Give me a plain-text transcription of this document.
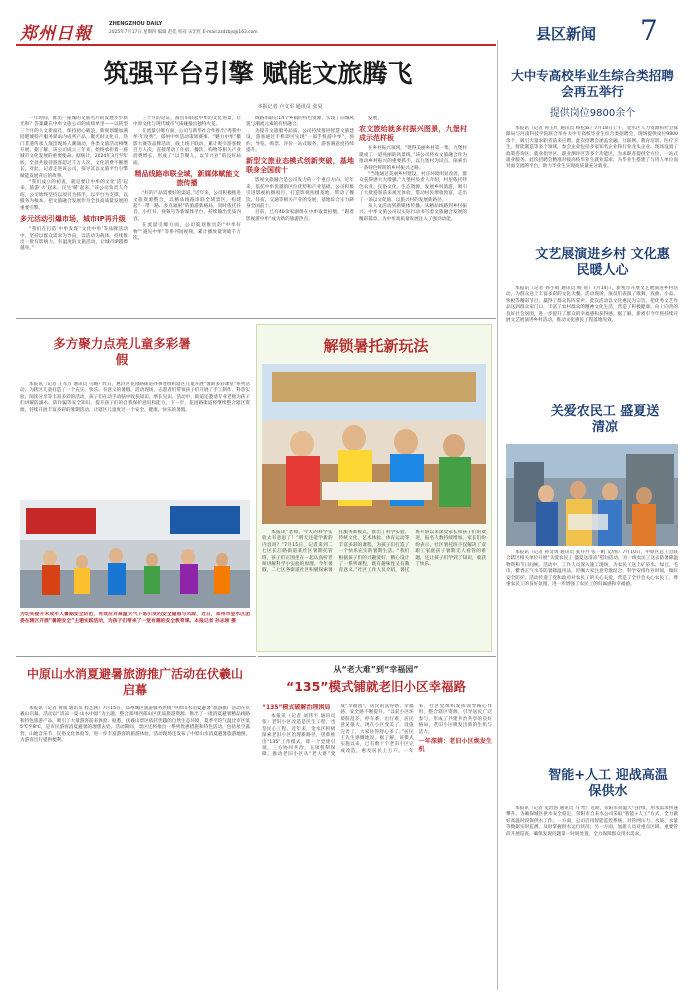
郑州日報	ZHENGZHOU DAILY
2025年7月17日 星期四 编辑 赵佳 校对 宋宏红 E-mail:zzdzbjs@163.com	县区新闻 7
筑强平台引擎 赋能文旅腾飞
本报记者 卢文军 通讯员 张昊

一年时间，推出一座城的文旅名片的发展步步新光和？答案藏在中牟文旅公司的成绩单里——以转型三个月的人文新面孔，保持初心破浪，新规划暖加满园肥城特产服务驿站内成列产品，聚光时文化日，热门非遗传承人演出现场人潮涌动，各类文旅活动相继开展。据了解，该公司成立三年来，始终承担着一座城市文化发展的重要使命。据统计，2024年3月至年底，全县共接待游客超过千万人次，文化消费不断增长，对此，记者走进该公司，探寻其以文旅平台引擎赋能发展背后的故事。

“我们成立的初衷，就是要让中牟的文化‘活’起来、旅游‘火’起来、民生‘暖’起来。”该公司负责人介绍，公司始终坚持以项目为抓手，以平台为支撑，以服务为根本，把文旅融合发展作为全县高质量发展的重要引擎。

多元活动引爆市场，城市IP再升级

“我们在打造‘中牟发现’‘文化中牟’等品牌活动中，坚持以群众需求为导向，以活动为载体，持续推出一批有影响力、有温度的文旅活动，让城市IP越擦越亮。”

三个月的论证，演出串联起中牟的文化场景，让中原文化与现代城市气质碰撞出独特火花。

在流量引爆方面，公司与新华社合作推出“秀我中牟·年度秀”，郑州中牟活动策划赛事、“魅力中牟”摄影大赛等品牌活动，线上线下联动，累计吸引游客数百万人次，直接带动了住宿、餐饮、购物等相关产业消费增长，形成了“以节聚人、以节兴业”的良好局面。

精品线路串联全域，新媒体赋能文旅传播

“好的产品需要好的渠道。”近年来，公司积极推进文旅资源整合，以精品线路串联全域景区，构建起“一带一路、多点辐射”的旅游新格局，同时依托抖音、小红书、视频号等新媒体平台，持续输出优质内容。

在流量引爆方面，公司策划推出的“中牟好物”“遇见中牟”等系列短视频，累计播放量突破千万次。

线路串联后14个乡镇的特色资源，实现了旧城风貌与潮流元素的有机融合。

为提升文旅服务品质，公司持续推进智慧文旅建设，游客通过手机即可实现“一部手机游中牟”，预约、导览、购票、评价一站式服务，游客满意度持续提升。

新型文旅业态模式创新突破，基地联身全国前十

影视文旅融合是公司发力的一个重点方向。近年来，依托中牟优越的区位优势和产业基础，公司积极引进影视拍摄项目，打造影视拍摄基地，带动了餐饮、住宿、交通等相关产业的发展，基地综合实力跻身全国前十。

目前，已有40余家剧组在中牟取景拍摄，“跟着影视游中牟”成为新的旅游热点。

发展。

农文旅给就多村振兴图景，九堡村成示范样板

在乡村振兴领域，“建得美丽乡村第一集，九堡村就成了一道亮丽的风景线。”该公司将农文旅融合作为推动乡村振兴的重要抓手，以九堡村为试点，探索出一条特色鲜明的乡村振兴之路。

“当地通过美丽乡村建设，村庄环境明显改善，群众获得感大大增强。”九堡村负责人介绍，村里依托特色农业、民俗文化、生态资源，发展乡村旅游，吸引了大批游客前来观光体验，带动村民增收致富，走出了一条以文促旅、以旅兴村的发展新路径。

从人文活动到新媒体传播，从精品线路到乡村振兴，中牟文旅公司以实际行动书写着文旅融合发展的精彩篇章，为中牟高质量发展注入了强劲动能。

大中专高校毕业生综合类招聘会再五举行
提供岗位9800余个

本报讯（记者 孙玉红 通讯员 杨松霖）7月18日上午，金水区人力资源和社会保障局与河南科技学院联合举办大中专高校毕业生综合类招聘会，现场提供岗位9800余个，吸引大量求职者前来应聘。此次招聘会涵盖金融、互联网、教育培训、医疗卫生、智能制造等多个领域，参会企业包括多家知名企业和行业龙头企业。现场设置了政策咨询区、就业指导区、职业测评区等多个功能区，为求职者提供全方位、一站式就业服务。此次招聘会精准对接高校毕业生就业需求，为毕业生搭建了与用人单位面对面交流的平台，助力毕业生实现高质量充分就业。

文艺展演进乡村 文化惠民暖人心

本报讯（记者 孙小娟 通讯员 杨 荷）7月14日，新密市开展文艺展演进乡村活动，为群众送上丰富多彩的文化大餐。活动现场，演员们表演了歌舞、戏曲、小品、快板等精彩节目，赢得了群众阵阵掌声。此次活动以文化惠民为宗旨，把优秀文艺作品送到群众家门口，丰富了农村群众的精神文化生活，营造了积极健康、向上向善的良好社会氛围，进一步提升了群众的幸福感和获得感。据了解，新密市今年将持续开展文艺展演进乡村活动，推动文化惠民工程落地见效。

关爱农民工 盛夏送清凉

本报讯（记者 孙奇勇 通讯员 张丹丹 张一帆 文/图）7月10日，中原区总工会联合辖区相关单位开展“关爱农民工 盛夏送清凉”慰问活动，为一线农民工送去防暑降温物资和节日问候。活动中，工作人员深入施工现场，为农民工送上矿泉水、绿豆、毛巾、藿香正气水等防暑降温用品，叮嘱大家注意劳逸结合，科学安排作业时间，做好安全防护。活动传递了党和政府对农民工的关心关爱，营造了全社会关心农民工、尊重农民工的良好氛围，进一步增强了农民工的归属感和幸福感。

智能+人工 迎战高温保供水

本报讯（记者 史治国 通讯员 马 怡）近期，荥阳市高温天气持续，用水需求快速攀升。为确保城区供水安全稳定，荥阳市自来水公司采取“智能+人工”方式，全力做好高温时段保供水工作。一方面，公司启用智能监控系统，对管网压力、水质、水量等数据实时监测，及时掌握供水运行状况；另一方面，加派人员对重点区域、重要管段开展巡查，确保发现问题第一时间处置，全力保障群众用水需求。

多方聚力点亮儿童多彩暑假

本报讯（记者 王军万 通讯员 马璐）昨日，惠济区花园路街道办事处组织辖区儿童开展“暑期多彩课堂”系列活动，为辖区儿童打造了一个充实、快乐、有意义的暑假。活动现场，志愿者们带领孩子们开展了手工制作、科普实验、阅读分享等丰富多彩的活动，孩子们在动手动脑中收获知识、增长见识。活动中，街道还邀请专业老师为孩子们讲解防溺水、防诈骗等安全知识，提升孩子们的自我保护意识和能力。下一步，花园路街道将继续整合辖区资源，持续开展丰富多彩的暑期活动，让辖区儿童度过一个安全、健康、快乐的暑假。

为切实提升未成年人暑期安全防范，有效应对高温天气下易引发的安全隐患与风险，近日，郑州市金水区团委在辖区开展“暑期安全”主题实践活动，为孩子们带来了一堂有趣的安全教育课。本报记者 孙志刚 摄
解锁暑托新玩法

本报讯“老师，今天的科学实验太有意思了！”明天还能学新的内容吗？”7月15日，记者来到二七区长江路街道某社区暑期托管班，孩子们正围坐在一起认真听老师讲解科学小实验的原理。今年暑假，二七区各街道社区积极探索暑托服务新模式，推出了科学实验、传统文化、艺术体验、体育运动等丰富多彩的课程，为孩子们打造了一个快乐充实的暑期生活。“我们根据孩子们的兴趣爱好，精心设计了一系列课程，既有趣味性又有教育意义。”社区工作人员介绍，暑托班开班以来深受家长和孩子们的欢迎，报名人数持续增加。家长们纷纷表示，社区暑托班不仅解决了双职工家庭孩子暑期无人看管的难题，还让孩子们学到了知识，收获了快乐。

中原山水消夏避暑旅游推广活动在伏羲山启幕

本报讯（记者 黄萌 通讯员 程艺涵）7月15日，郑州城区旅游服务热线“中原山水消夏避暑”旅游推广活动在伏羲山启幕。活动以“清凉一夏·山水中原”为主题，整合郑州西部山区优质旅游资源，推出了一批消夏避暑精品线路和特色旅游产品，吸引了大量游客前来体验。据悉，伏羲山景区依托优越的自然生态环境，夏季平均气温比市区低5℃至8℃，是市民游客消夏避暑的理想去处。活动期间，景区还将推出一系列优惠措施和特色活动，包括星空露营、山地音乐节、民俗文化体验等，进一步丰富游客的旅游体验。活动现场还发布了中原山水消夏避暑旅游地图，为游客出行提供便利。

从“老大难”到“幸福园”
“135”模式铺就老旧小区幸福路
“135”模式破解治理困局

本报讯（记者 刘伟平 通讯员 张）老旧小区改造是民生工程，也是民心工程。近年来，金水区积极探索老旧小区治理新路径，创新推出“135”工作模式，即一个党建引领，三方协同共治，五项机制保障，推动老旧小区从“老大难”变成“幸福园”，居民的获得感、幸福感、安全感不断提升。“以前小区环境脏乱差，停车难、出行难，居民意见很大。现在小区变美了，设施完善了，大家住得舒心多了。”居民王先生感慨地说。据了解，该模式实施以来，已有数十个老旧小区完成改造，惠及居民上万户。一年来，社区党组织发挥领导核心作用，整合辖区资源，引导居民广泛参与，形成了共建共治共享的良好格局，老旧小区焕发出新的生机与活力。

一年深耕：老旧小区焕发生机
